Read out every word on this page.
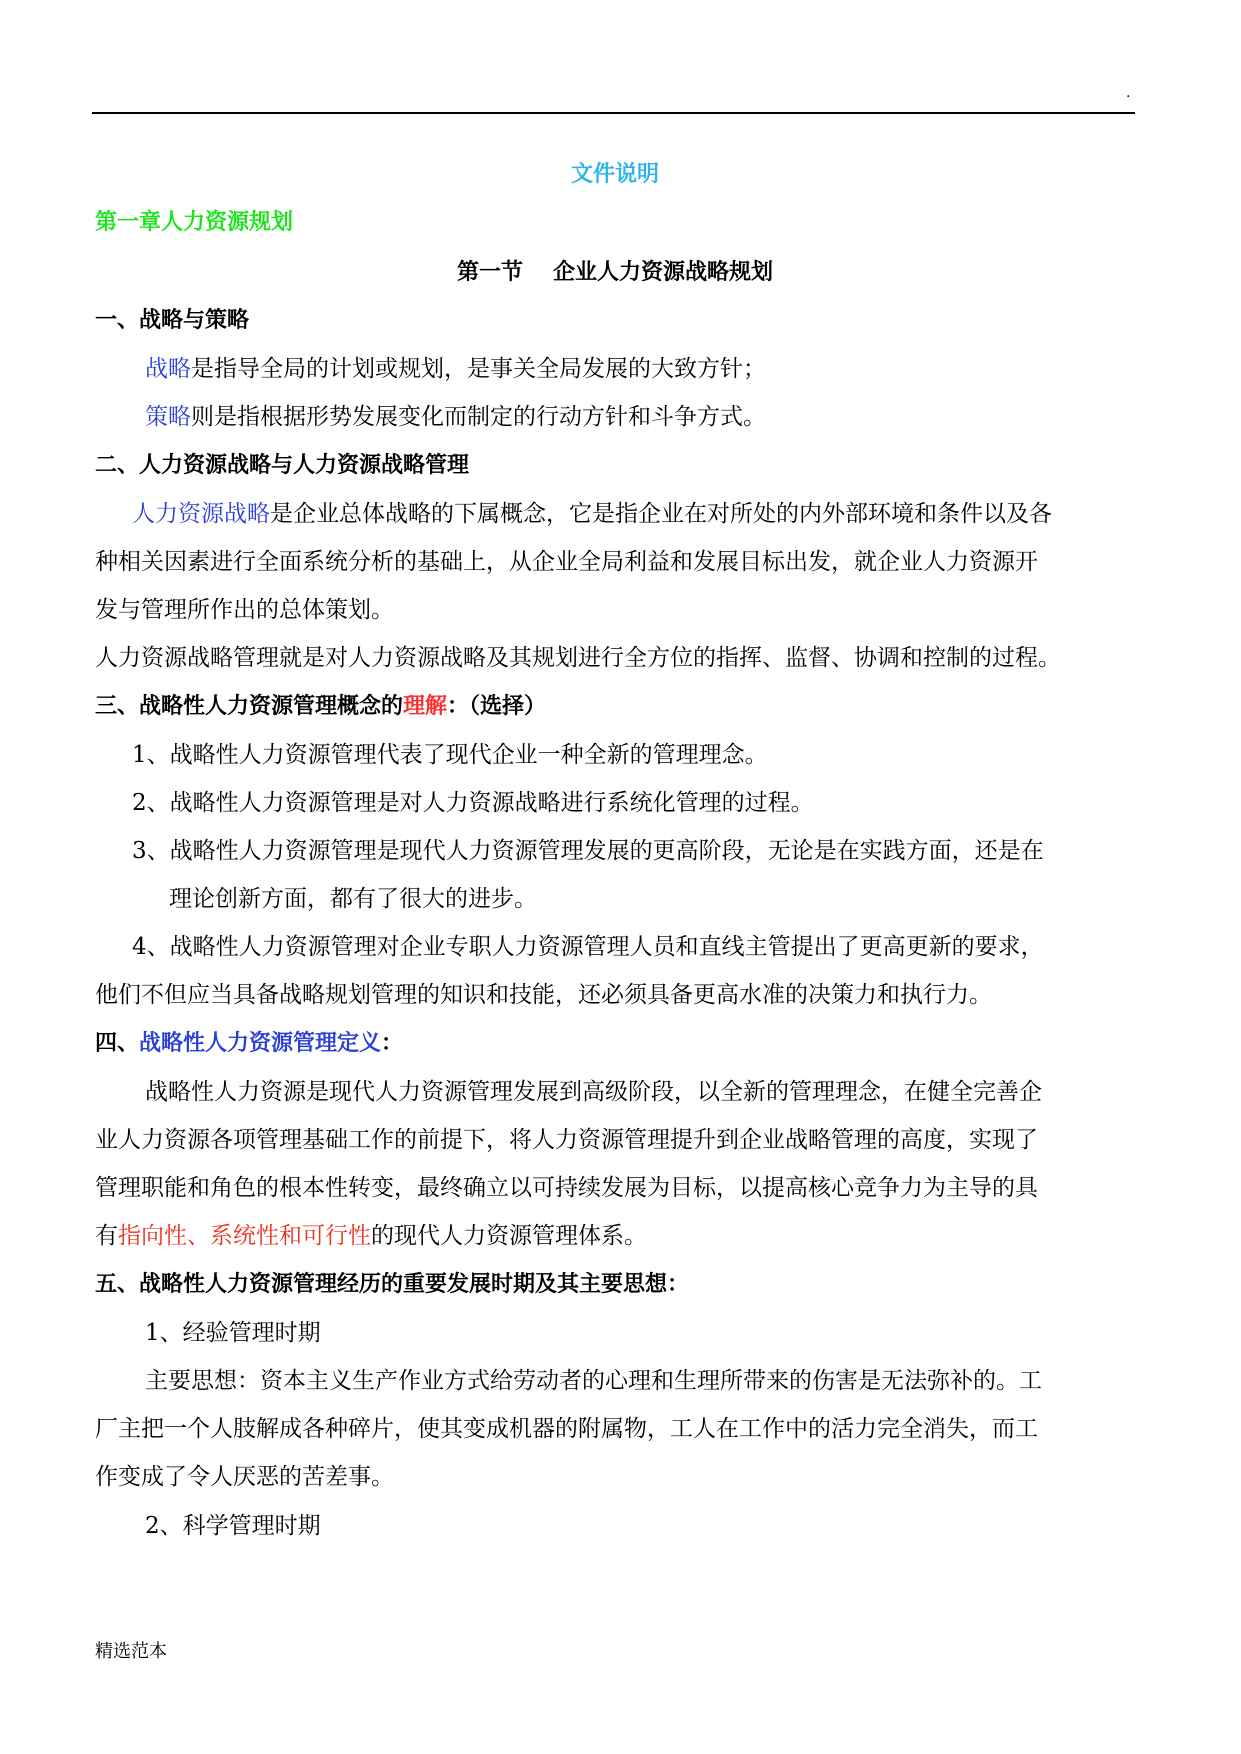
.
文件说明
第一章人力资源规划
第一节 企业人力资源战略规划
一、战略与策略
战略是指导全局的计划或规划，是事关全局发展的大致方针；
策略则是指根据形势发展变化而制定的行动方针和斗争方式。
二、人力资源战略与人力资源战略管理
人力资源战略是企业总体战略的下属概念，它是指企业在对所处的内外部环境和条件以及各
种相关因素进行全面系统分析的基础上，从企业全局利益和发展目标出发，就企业人力资源开
发与管理所作出的总体策划。
人力资源战略管理就是对人力资源战略及其规划进行全方位的指挥、监督、协调和控制的过程。
三、战略性人力资源管理概念的理解：（选择）
1、战略性人力资源管理代表了现代企业一种全新的管理理念。
2、战略性人力资源管理是对人力资源战略进行系统化管理的过程。
3、战略性人力资源管理是现代人力资源管理发展的更高阶段，无论是在实践方面，还是在
理论创新方面，都有了很大的进步。
4、战略性人力资源管理对企业专职人力资源管理人员和直线主管提出了更高更新的要求，
他们不但应当具备战略规划管理的知识和技能，还必须具备更高水准的决策力和执行力。
四、战略性人力资源管理定义：
战略性人力资源是现代人力资源管理发展到高级阶段，以全新的管理理念，在健全完善企
业人力资源各项管理基础工作的前提下，将人力资源管理提升到企业战略管理的高度，实现了
管理职能和角色的根本性转变，最终确立以可持续发展为目标，以提高核心竞争力为主导的具
有指向性、系统性和可行性的现代人力资源管理体系。
五、战略性人力资源管理经历的重要发展时期及其主要思想：
1、经验管理时期
主要思想：资本主义生产作业方式给劳动者的心理和生理所带来的伤害是无法弥补的。工
厂主把一个人肢解成各种碎片，使其变成机器的附属物，工人在工作中的活力完全消失，而工
作变成了令人厌恶的苦差事。
2、科学管理时期
精选范本
